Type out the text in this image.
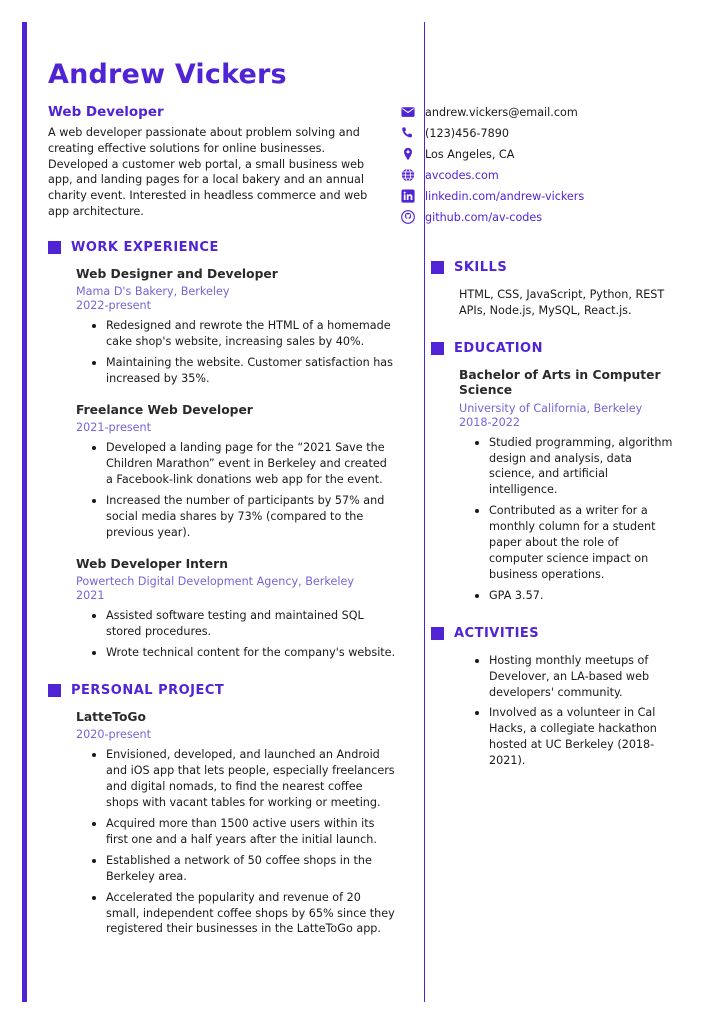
Andrew Vickers
Web Developer
A web developer passionate about problem solving and creating effective solutions for online businesses. Developed a customer web portal, a small business web app, and landing pages for a local bakery and an annual charity event. Interested in headless commerce and web app architecture.
andrew.vickers@email.com
(123)456-7890
Los Angeles, CA
avcodes.com
linkedin.com/andrew-vickers
github.com/av-codes
WORK EXPERIENCE
Web Designer and Developer
Mama D's Bakery, Berkeley
2022-present
Redesigned and rewrote the HTML of a homemade cake shop's website, increasing sales by 40%.
Maintaining the website. Customer satisfaction has increased by 35%.
Freelance Web Developer
2021-present
Developed a landing page for the “2021 Save the Children Marathon” event in Berkeley and created a Facebook-link donations web app for the event.
Increased the number of participants by 57% and social media shares by 73% (compared to the previous year).
Web Developer Intern
Powertech Digital Development Agency, Berkeley
2021
Assisted software testing and maintained SQL stored procedures.
Wrote technical content for the company's website.
PERSONAL PROJECT
LatteToGo
2020-present
Envisioned, developed, and launched an Android and iOS app that lets people, especially freelancers and digital nomads, to find the nearest coffee shops with vacant tables for working or meeting.
Acquired more than 1500 active users within its first one and a half years after the initial launch.
Established a network of 50 coffee shops in the Berkeley area.
Accelerated the popularity and revenue of 20 small, independent coffee shops by 65% since they registered their businesses in the LatteToGo app.
SKILLS
HTML, CSS, JavaScript, Python, REST APIs, Node.js, MySQL, React.js.
EDUCATION
Bachelor of Arts in Computer Science
University of California, Berkeley
2018-2022
Studied programming, algorithm design and analysis, data science, and artificial intelligence.
Contributed as a writer for a monthly column for a student paper about the role of computer science impact on business operations.
GPA 3.57.
ACTIVITIES
Hosting monthly meetups of Develover, an LA-based web developers' community.
Involved as a volunteer in Cal Hacks, a collegiate hackathon hosted at UC Berkeley (2018-2021).
